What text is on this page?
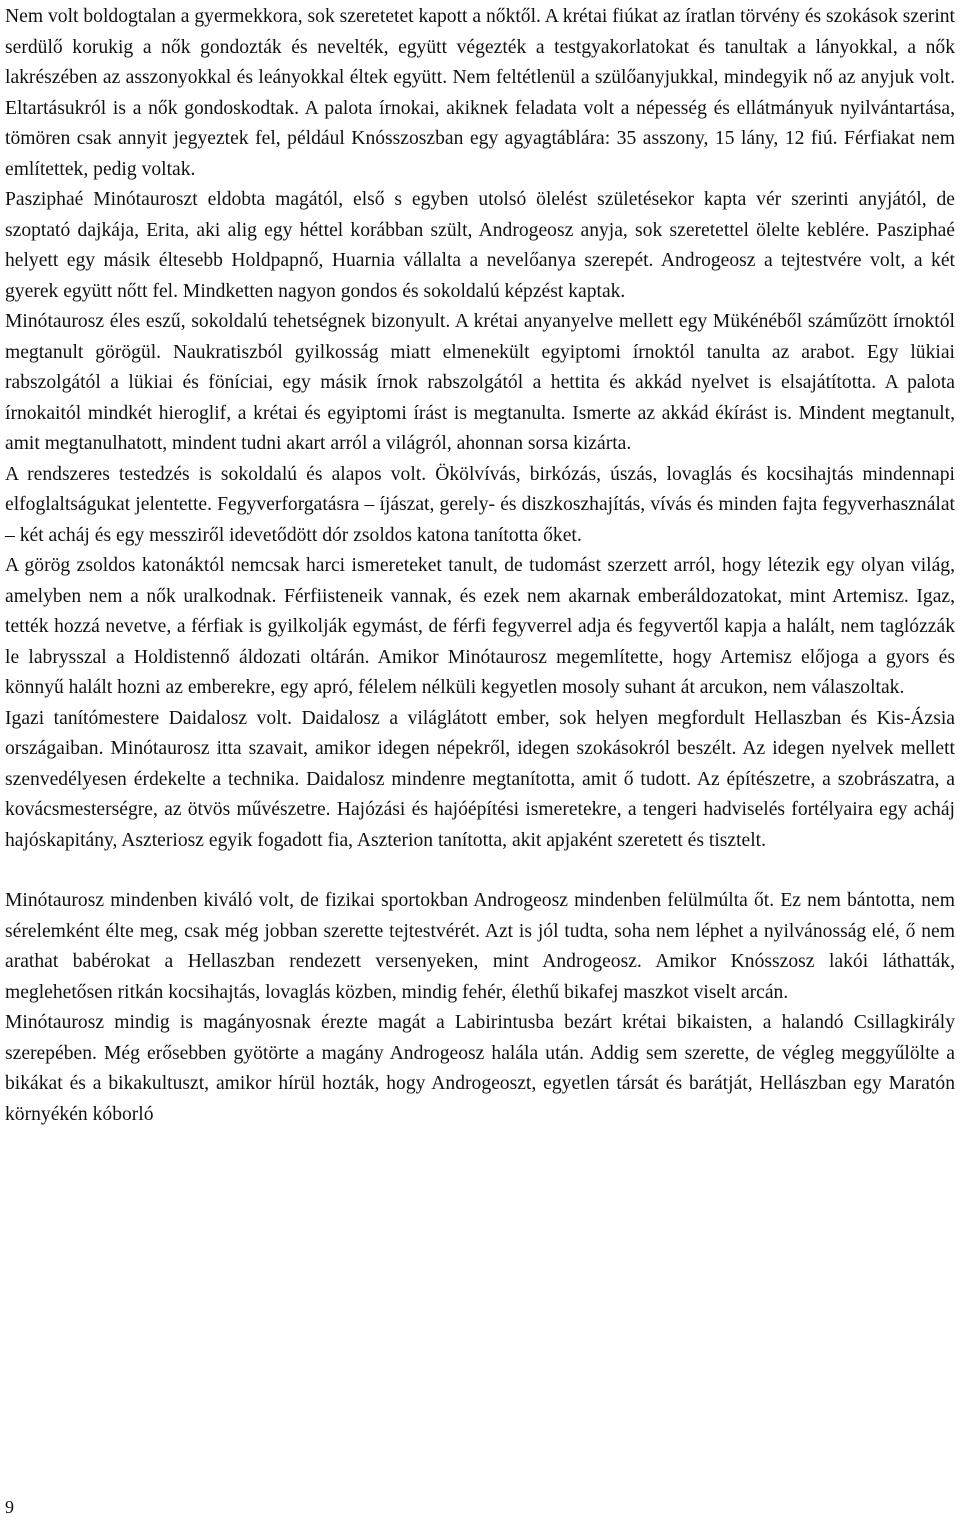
Nem volt boldogtalan a gyermekkora, sok szeretetet kapott a nőktől. A krétai fiúkat az íratlan törvény és szokások szerint serdülő korukig a nők gondozták és nevelték, együtt végezték a testgyakorlatokat és tanultak a lányokkal, a nők lakrészében az asszonyokkal és leányokkal éltek együtt. Nem feltétlenül a szülőanyjukkal, mindegyik nő az anyjuk volt. Eltartásukról is a nők gondoskodtak. A palota írnokai, akiknek feladata volt a népesség és ellátmányuk nyilvántartása, tömören csak annyit jegyeztek fel, például Knósszoszban egy agyagtáblára: 35 asszony, 15 lány, 12 fiú. Férfiakat nem említettek, pedig voltak.

Pasziphaé Minótauroszt eldobta magától, első s egyben utolsó ölelést születésekor kapta vér szerinti anyjától, de szoptató dajkája, Erita, aki alig egy héttel korábban szült, Androgeosz anyja, sok szeretettel ölelte keblére. Pasziphaé helyett egy másik éltesebb Holdpapnő, Huarnia vállalta a nevelőanya szerepét. Androgeosz a tejtestvére volt, a két gyerek együtt nőtt fel. Mindketten nagyon gondos és sokoldalú képzést kaptak.

Minótaurosz éles eszű, sokoldalú tehetségnek bizonyult. A krétai anyanyelve mellett egy Mükénéből száműzött írnoktól megtanult görögül. Naukratiszból gyilkosság miatt elmenekült egyiptomi írnoktól tanulta az arabot. Egy lükiai rabszolgától a lükiai és föníciai, egy másik írnok rabszolgától a hettita és akkád nyelvet is elsajátította. A palota írnokaitól mindkét hieroglif, a krétai és egyiptomi írást is megtanulta. Ismerte az akkád ékírást is. Mindent megtanult, amit megtanulhatott, mindent tudni akart arról a világról, ahonnan sorsa kizárta.

A rendszeres testedzés is sokoldalú és alapos volt. Ökölvívás, birkózás, úszás, lovaglás és kocsihajtás mindennapi elfoglaltságukat jelentette. Fegyverforgatásra – íjászat, gerely- és diszkoszhajítás, vívás és minden fajta fegyverhasználat – két acháj és egy messziről idevetődött dór zsoldos katona tanította őket.

A görög zsoldos katonáktól nemcsak harci ismereteket tanult, de tudomást szerzett arról, hogy létezik egy olyan világ, amelyben nem a nők uralkodnak. Férfiisteneik vannak, és ezek nem akarnak emberáldozatokat, mint Artemisz. Igaz, tették hozzá nevetve, a férfiak is gyilkolják egymást, de férfi fegyverrel adja és fegyvertől kapja a halált, nem taglózzák le labrysszal a Holdistennő áldozati oltárán. Amikor Minótaurosz megemlítette, hogy Artemisz előjoga a gyors és könnyű halált hozni az emberekre, egy apró, félelem nélküli kegyetlen mosoly suhant át arcukon, nem válaszoltak.

Igazi tanítómestere Daidalosz volt. Daidalosz a világlátott ember, sok helyen megfordult Hellaszban és Kis-Ázsia országaiban. Minótaurosz itta szavait, amikor idegen népekről, idegen szokásokról beszélt. Az idegen nyelvek mellett szenvedélyesen érdekelte a technika. Daidalosz mindenre megtanította, amit ő tudott. Az építészetre, a szobrászatra, a kovácsmesterségre, az ötvös művészetre. Hajózási és hajóépítési ismeretekre, a tengeri hadviselés fortélyaira egy acháj hajóskapitány, Aszteriosz egyik fogadott fia, Aszterion tanította, akit apjaként szeretett és tisztelt.

Minótaurosz mindenben kiváló volt, de fizikai sportokban Androgeosz mindenben felülmúlta őt. Ez nem bántotta, nem sérelemként élte meg, csak még jobban szerette tejtestvérét. Azt is jól tudta, soha nem léphet a nyilvánosság elé, ő nem arathat babérokat a Hellaszban rendezett versenyeken, mint Androgeosz. Amikor Knósszosz lakói láthatták, meglehetősen ritkán kocsihajtás, lovaglás közben, mindig fehér, élethű bikafej maszkot viselt arcán.

Minótaurosz mindig is magányosnak érezte magát a Labirintusba bezárt krétai bikaisten, a halandó Csillagkirály szerepében. Még erősebben gyötörte a magány Androgeosz halála után. Addig sem szerette, de végleg meggyűlölte a bikákat és a bikakultuszt, amikor hírül hozták, hogy Androgeoszt, egyetlen társát és barátját, Hellászban egy Maratón környékén kóborló

9
